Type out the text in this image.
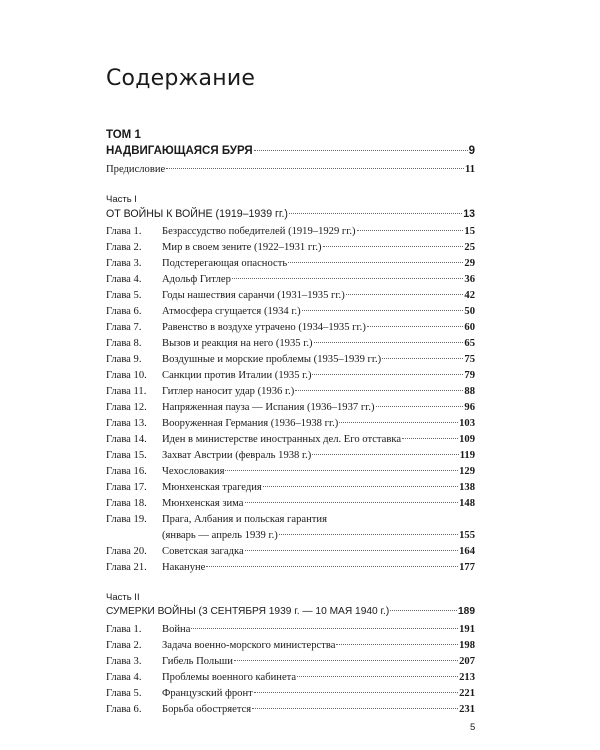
Содержание
ТОМ 1
НАДВИГАЮЩАЯСЯ БУРЯ	9
Предисловие	11
Часть I
ОТ ВОЙНЫ К ВОЙНЕ (1919–1939 гг.)	13
Глава 1.	Безрассудство победителей (1919–1929 гг.)	15
Глава 2.	Мир в своем зените (1922–1931 гг.)	25
Глава 3.	Подстерегающая опасность	29
Глава 4.	Адольф Гитлер	36
Глава 5.	Годы нашествия саранчи (1931–1935 гг.)	42
Глава 6.	Атмосфера сгущается (1934 г.)	50
Глава 7.	Равенство в воздухе утрачено (1934–1935 гг.)	60
Глава 8.	Вызов и реакция на него (1935 г.)	65
Глава 9.	Воздушные и морские проблемы (1935–1939 гг.)	75
Глава 10.	Санкции против Италии (1935 г.)	79
Глава 11.	Гитлер наносит удар (1936 г.)	88
Глава 12.	Напряженная пауза — Испания (1936–1937 гг.)	96
Глава 13.	Вооруженная Германия (1936–1938 гг.)	103
Глава 14.	Иден в министерстве иностранных дел. Его отставка	109
Глава 15.	Захват Австрии (февраль 1938 г.)	119
Глава 16.	Чехословакия	129
Глава 17.	Мюнхенская трагедия	138
Глава 18.	Мюнхенская зима	148
Глава 19.	Прага, Албания и польская гарантия
(январь — апрель 1939 г.)	155
Глава 20.	Советская загадка	164
Глава 21.	Накануне	177
Часть II
СУМЕРКИ ВОЙНЫ (3 СЕНТЯБРЯ 1939 г. — 10 МАЯ 1940 г.)	189
Глава 1.	Война	191
Глава 2.	Задача военно-морского министерства	198
Глава 3.	Гибель Польши	207
Глава 4.	Проблемы военного кабинета	213
Глава 5.	Французский фронт	221
Глава 6.	Борьба обостряется	231
5
